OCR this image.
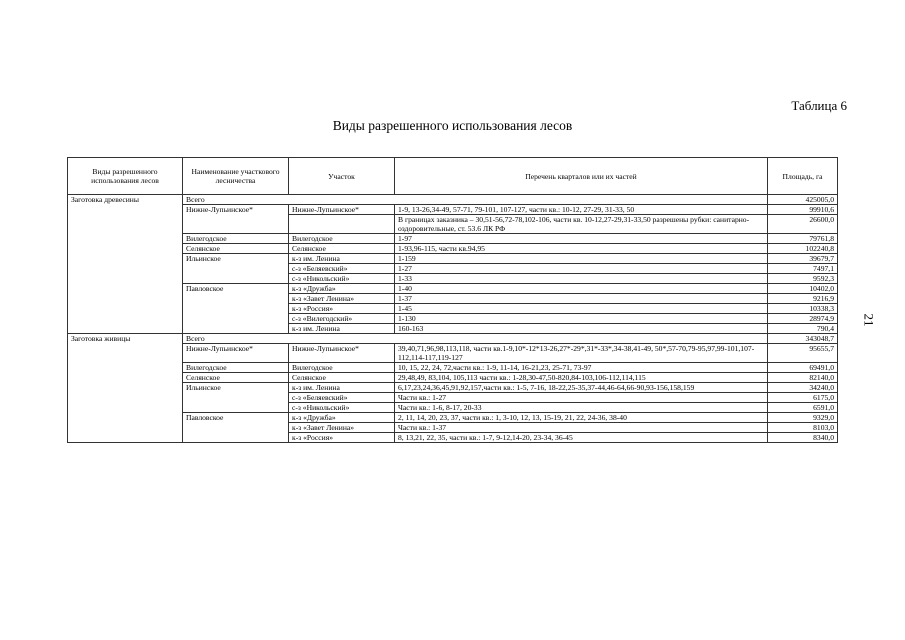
Таблица 6
Виды разрешенного использования лесов
21
Виды разрешенного использования лесов	Наименование участкового лесничества	Участок	Перечень кварталов или их частей	Площадь, га
Заготовка древесины	Всего			425005,0
	Нижне-Лупьинское*	Нижне-Лупьинское*	1-9, 13-26,34-49, 57-71, 79-101, 107-127, части кв.: 10-12, 27-29, 31-33, 50	99910,6
			В границах заказника – 30,51-56,72-78,102-106, части кв. 10-12,27-29,31-33,50 разрешены рубки: санитарно-оздоровительные, ст. 53.6 ЛК РФ	26600,0
	Вилегодское	Вилегодское	1-97	79761,8
	Селянское	Селянское	1-93,96-115, части кв.94,95	102240,8
	Ильинское	к-з им. Ленина	1-159	39679,7
		с-з «Беляевский»	1-27	7497,1
		с-з «Никольский»	1-33	9592,3
	Павловское	к-з «Дружба»	1-40	10402,0
		к-з «Завет Ленина»	1-37	9216,9
		к-з «Россия»	1-45	10338,3
		с-з «Вилегодский»	1-130	28974,9
		к-з им. Ленина	160-163	790,4
Заготовка живицы	Всего			343048,7
	Нижне-Лупьинское*	Нижне-Лупьинское*	39,40,71,96,98,113,118, части кв.1-9,10*-12*13-26,27*-29*,31*-33*,34-38,41-49, 50*,57-70,79-95,97,99-101,107-112,114-117,119-127	95655,7
	Вилегодское	Вилегодское	10, 15, 22, 24, 72,части кв.: 1-9, 11-14, 16-21,23, 25-71, 73-97	69491,0
	Селянское	Селянское	29,48,49, 83,104, 105,113 части кв.: 1-28,30-47,50-820,84-103,106-112,114,115	82140,0
	Ильинское	к-з им. Ленина	6,17,23,24,36,45,91,92,157,части кв.: 1-5, 7-16, 18-22,25-35,37-44,46-64,66-90,93-156,158,159	34240,0
		с-з «Беляевский»	Части кв.: 1-27	6175,0
		с-з «Никольский»	Части кв.: 1-6, 8-17, 20-33	6591,0
	Павловское	к-з «Дружба»	2, 11, 14, 20, 23, 37, части кв.: 1, 3-10, 12, 13, 15-19, 21, 22, 24-36, 38-40	9329,0
		к-з «Завет Ленина»	Части кв.: 1-37	8103,0
		к-з «Россия»	8, 13,21, 22, 35, части кв.: 1-7, 9-12,14-20, 23-34, 36-45	8340,0
